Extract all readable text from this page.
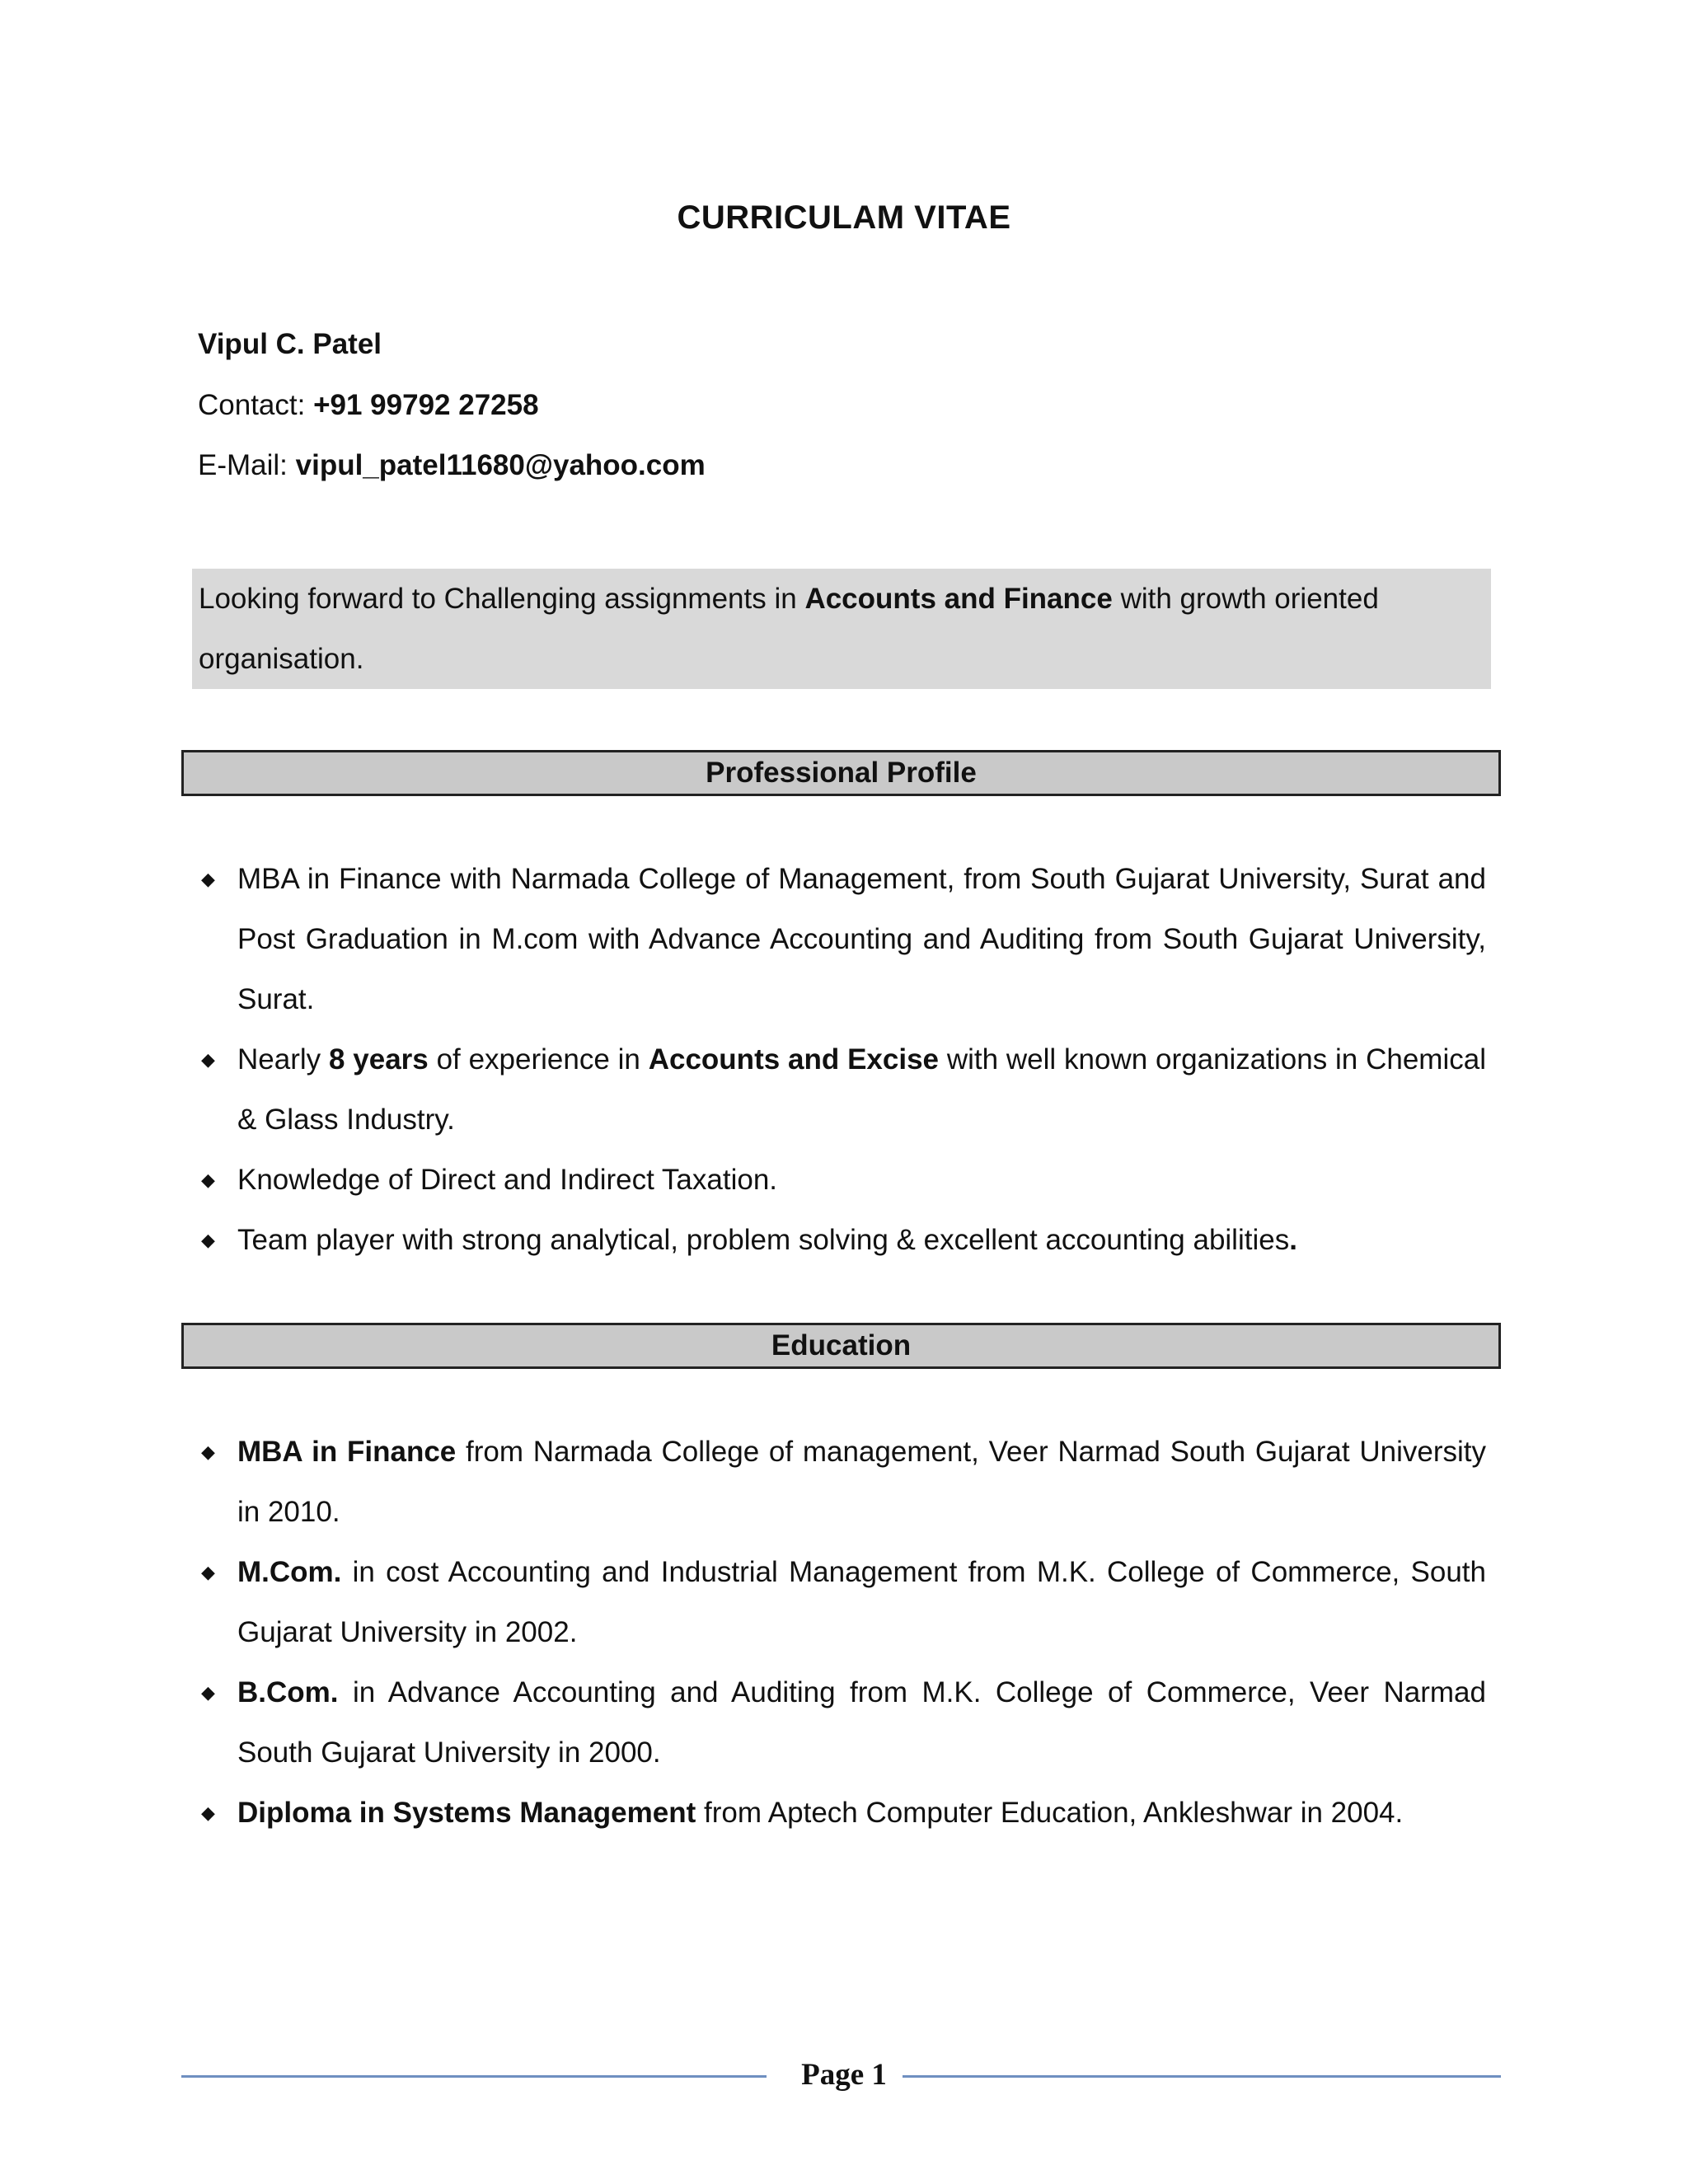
CURRICULAM VITAE
Vipul C. Patel
Contact: +91 99792 27258
E-Mail: vipul_patel11680@yahoo.com
Looking forward to Challenging assignments in Accounts and Finance with growth oriented organisation.
Professional Profile
◆ MBA in Finance with Narmada College of Management, from South Gujarat University, Surat and Post Graduation in M.com with Advance Accounting and Auditing from South Gujarat University, Surat.
◆ Nearly 8 years of experience in Accounts and Excise with well known organizations in Chemical & Glass Industry.
◆ Knowledge of Direct and Indirect Taxation.
◆ Team player with strong analytical, problem solving & excellent accounting abilities.
Education
◆ MBA in Finance from Narmada College of management, Veer Narmad South Gujarat University in 2010.
◆ M.Com. in cost Accounting and Industrial Management from M.K. College of Commerce, South Gujarat University in 2002.
◆ B.Com. in Advance Accounting and Auditing from M.K. College of Commerce, Veer Narmad South Gujarat University in 2000.
◆ Diploma in Systems Management from Aptech Computer Education, Ankleshwar in 2004.
Page 1
